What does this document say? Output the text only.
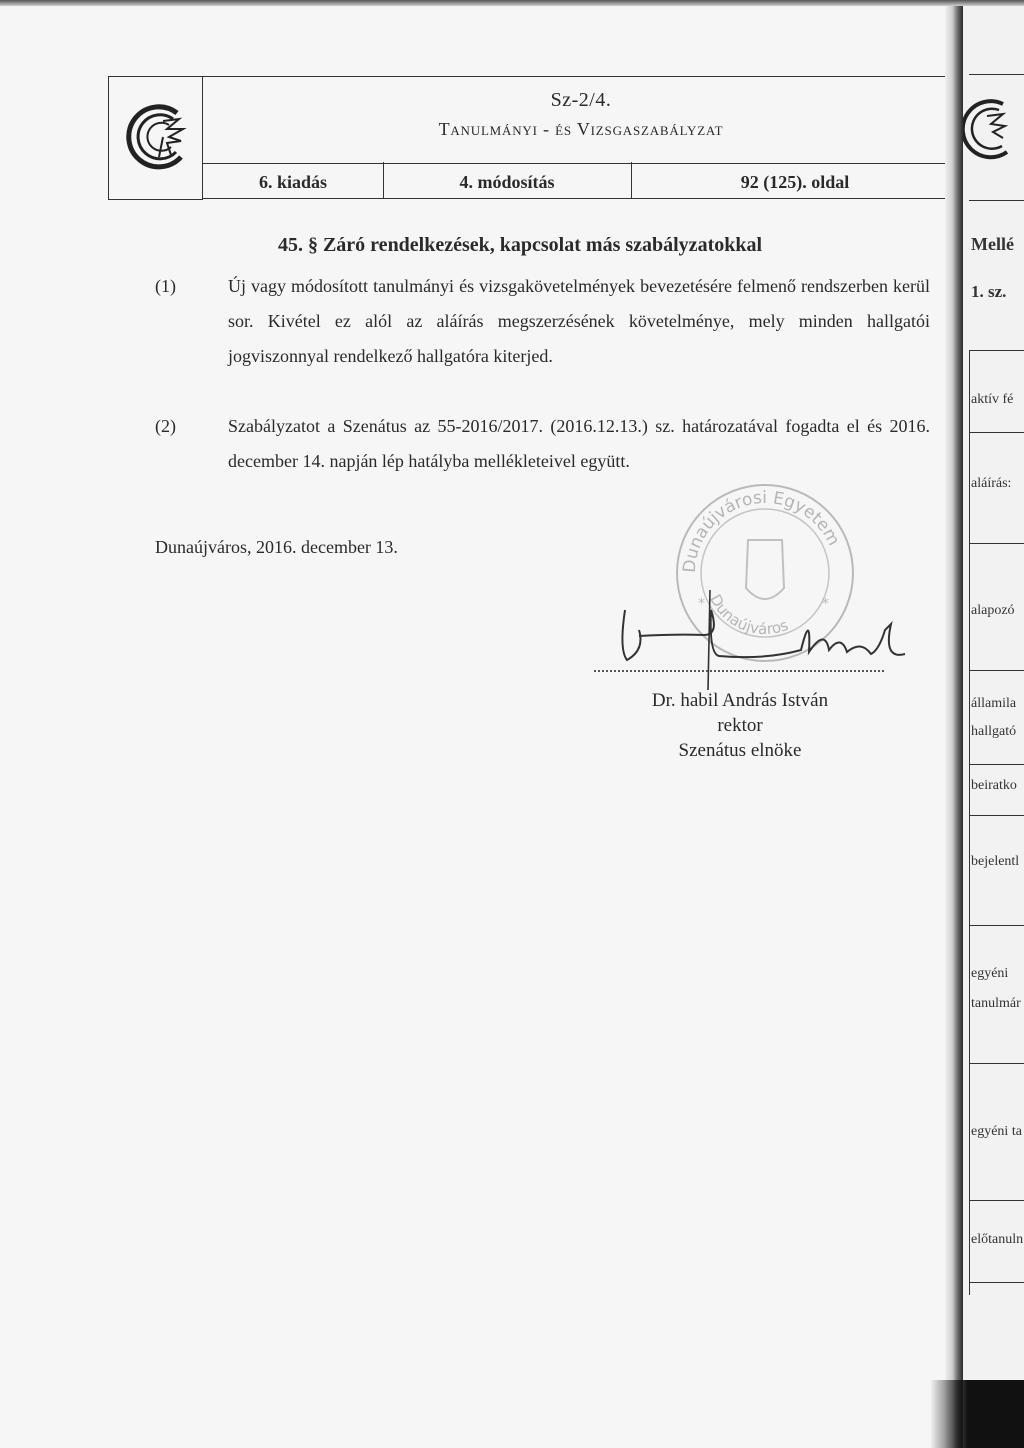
Sz-2/4.
Tanulmányi - és Vizsgaszabályzat
6. kiadás	4. módosítás	92 (125). oldal
45. § Záró rendelkezések, kapcsolat más szabályzatokkal
(1)	Új vagy módosított tanulmányi és vizsgakövetelmények bevezetésére felmenő rendszerben kerül sor. Kivétel ez alól az aláírás megszerzésének követelménye, mely minden hallgatói jogviszonnyal rendelkező hallgatóra kiterjed.
(2)	Szabályzatot a Szenátus az 55-2016/2017. (2016.12.13.) sz. határozatával fogadta el és 2016. december 14. napján lép hatályba mellékleteivel együtt.
Dunaújváros, 2016. december 13.
Dunaújvárosi Egyetem
Dunaújváros
*	*
Dr. habil András István
rektor
Szenátus elnöke
Mellé
1. sz.
aktív fé
aláírás:
alapozó
államila
hallgató
beiratko
bejelentl
egyéni
tanulmár
egyéni ta
előtanuln
